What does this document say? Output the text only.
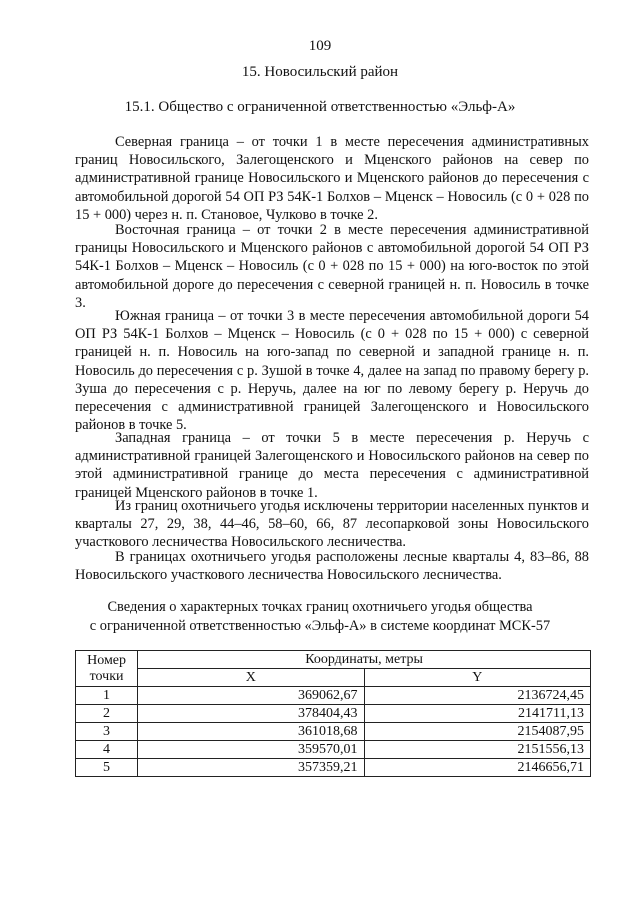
109
15. Новосильский район
15.1. Общество с ограниченной ответственностью «Эльф-А»
Северная граница – от точки 1 в месте пересечения административных границ Новосильского, Залегощенского и Мценского районов на север по административной границе Новосильского и Мценского районов до пересечения с автомобильной дорогой 54 ОП РЗ 54К-1 Болхов – Мценск – Новосиль (с 0 + 028 по 15 + 000) через н. п. Становое, Чулково в точке 2.
Восточная граница – от точки 2 в месте пересечения административной границы Новосильского и Мценского районов с автомобильной дорогой 54 ОП РЗ 54К-1 Болхов – Мценск – Новосиль (с 0 + 028 по 15 + 000) на юго-восток по этой автомобильной дороге до пересечения с северной границей н. п. Новосиль в точке 3.
Южная граница – от точки 3 в месте пересечения автомобильной дороги 54 ОП РЗ 54К-1 Болхов – Мценск – Новосиль (с 0 + 028 по 15 + 000) с северной границей н. п. Новосиль на юго-запад по северной и западной границе н. п. Новосиль до пересечения с р. Зушой в точке 4, далее на запад по правому берегу р. Зуша до пересечения с р. Неручь, далее на юг по левому берегу р. Неручь до пересечения с административной границей Залегощенского и Новосильского районов в точке 5.
Западная граница – от точки 5 в месте пересечения р. Неручь с административной границей Залегощенского и Новосильского районов на север по этой административной границе до места пересечения с административной границей Мценского районов в точке 1.
Из границ охотничьего угодья исключены территории населенных пунктов и кварталы 27, 29, 38, 44–46, 58–60, 66, 87 лесопарковой зоны Новосильского участкового лесничества Новосильского лесничества.
В границах охотничьего угодья расположены лесные кварталы 4, 83–86, 88 Новосильского участкового лесничества Новосильского лесничества.
Сведения о характерных точках границ охотничьего угодья общества
с ограниченной ответственностью «Эльф-А» в системе координат МСК-57
Номер
точки	Координаты, метры	
	X	Y
1	369062,67	2136724,45
2	378404,43	2141711,13
3	361018,68	2154087,95
4	359570,01	2151556,13
5	357359,21	2146656,71
